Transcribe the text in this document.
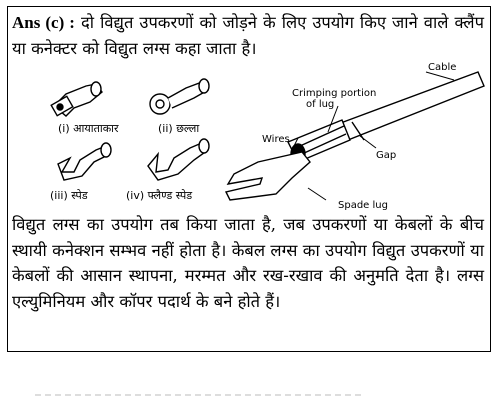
Ans (c) : दो विद्युत उपकरणों को जोड़ने के लिए उपयोग किए जाने वाले क्लैंप या कनेक्टर को विद्युत लग्स कहा जाता है।

(i) आयाताकार	(ii) छल्ला
(iii) स्पेड	(iv) फ्लैण्ड स्पेड
Cable
Crimping portion
of lug
Wires
Gap
Spade lug

विद्युत लग्स का उपयोग तब किया जाता है, जब उपकरणों या केबलों के बीच स्थायी कनेक्शन सम्भव नहीं होता है। केबल लग्स का उपयोग विद्युत उपकरणों या केबलों की आसान स्थापना, मरम्मत और रख-रखाव की अनुमति देता है। लग्स एल्युमिनियम और कॉपर पदार्थ के बने होते हैं।
